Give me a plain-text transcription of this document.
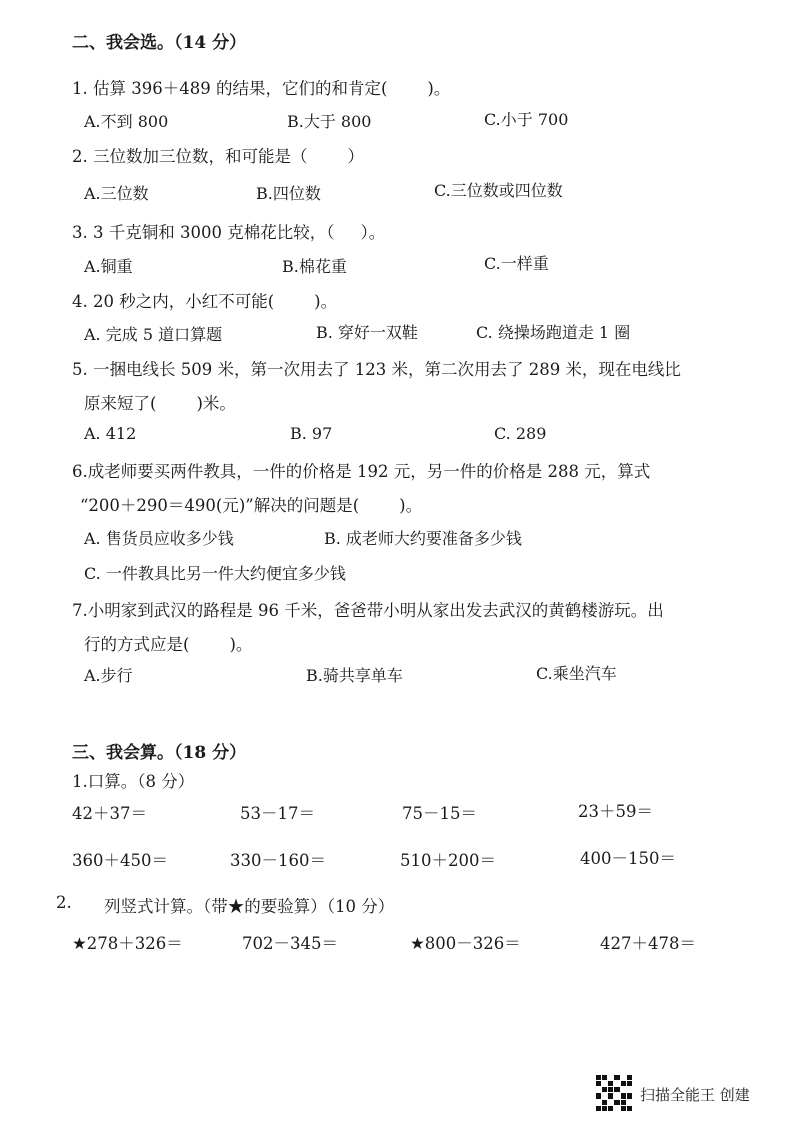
二、我会选。（14 分）
1. 估算 396＋489 的结果，它们的和肯定( )。
A.不到 800	B.大于 800	C.小于 700
2. 三位数加三位数，和可能是（ ）
A.三位数	B.四位数	C.三位数或四位数
3. 3 千克铜和 3000 克棉花比较，（ ）。
A.铜重	B.棉花重	C.一样重
4. 20 秒之内，小红不可能( )。
A. 完成 5 道口算题	B. 穿好一双鞋	C. 绕操场跑道走 1 圈
5. 一捆电线长 509 米，第一次用去了 123 米，第二次用去了 289 米，现在电线比
原来短了( )米。
A. 412	B. 97	C. 289
6.成老师要买两件教具，一件的价格是 192 元，另一件的价格是 288 元，算式
“200＋290＝490(元)”解决的问题是( )。
A. 售货员应收多少钱	B. 成老师大约要准备多少钱
C. 一件教具比另一件大约便宜多少钱
7.小明家到武汉的路程是 96 千米，爸爸带小明从家出发去武汉的黄鹤楼游玩。出
行的方式应是( )。
A.步行	B.骑共享单车	C.乘坐汽车
三、我会算。（18 分）
1.口算。（8 分）
42＋37＝	53－17＝	75－15＝	23＋59＝
360＋450＝	330－160＝	510＋200＝	400－150＝
2. 列竖式计算。（带★的要验算）（10 分）
★278＋326＝	702－345＝	★800－326＝	427＋478＝
扫描全能王 创建
